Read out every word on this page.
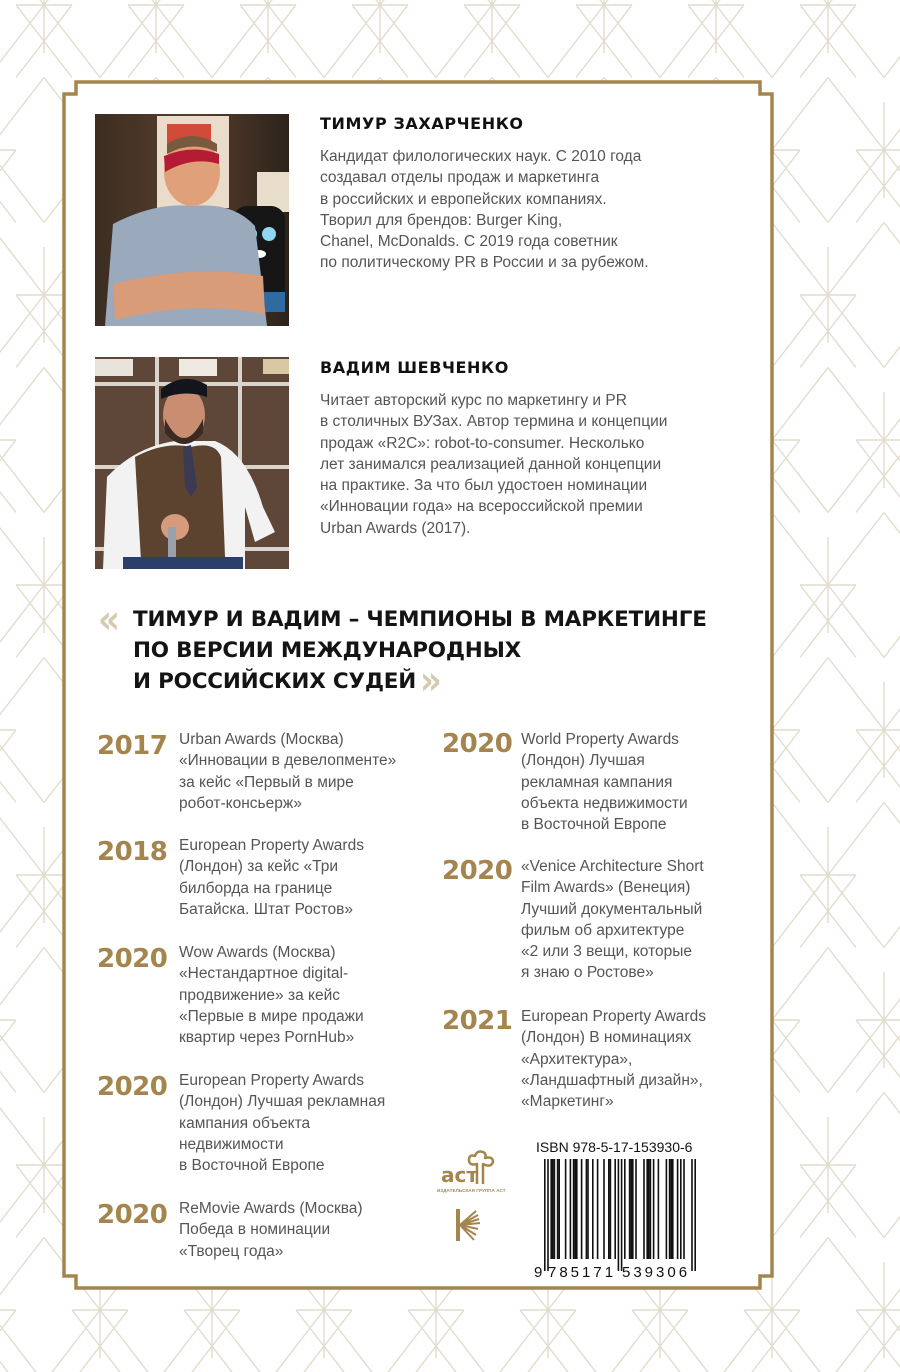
ТИМУР ЗАХАРЧЕНКО

Кандидат филологических наук. С 2010 года

создавал отделы продаж и маркетинга

в российских и европейских компаниях.

Творил для брендов: Burger King,

Chanel, McDonalds. С 2019 года советник

по политическому PR в России и за рубежом.

ВАДИМ ШЕВЧЕНКО

Читает авторский курс по маркетингу и PR

в столичных ВУЗах. Автор термина и концепции

продаж «R2C»: robot-to-consumer. Несколько

лет занимался реализацией данной концепции

на практике. За что был удостоен номинации

«Инновации года» на всероссийской премии

Urban Awards (2017).

« ТИМУР И ВАДИМ – ЧЕМПИОНЫ В МАРКЕТИНГЕ
ПО ВЕРСИИ МЕЖДУНАРОДНЫХ
И РОССИЙСКИХ СУДЕЙ»
2017 Urban Awards (Москва)

«Инновации в девелопменте»

за кейс «Первый в мире

робот-консьерж»

2018 European Property Awards

(Лондон) за кейс «Три

билборда на границе

Батайска. Штат Ростов»

2020 Wow Awards (Москва)

«Нестандартное digital-

продвижение» за кейс

«Первые в мире продажи

квартир через PornHub»

2020 European Property Awards

(Лондон) Лучшая рекламная

кампания объекта

недвижимости

в Восточной Европе

2020 ReMovie Awards (Москва)

Победа в номинации

«Творец года»

2020 World Property Awards

(Лондон) Лучшая

рекламная кампания

объекта недвижимости

в Восточной Европе

2020 «Venice Architecture Short

Film Awards» (Венеция)

Лучший документальный

фильм об архитектуре

«2 или 3 вещи, которые

я знаю о Ростове»

2021 European Property Awards

(Лондон) В номинациях

«Архитектура»,

«Ландшафтный дизайн»,

«Маркетинг»

аст
ИЗДАТЕЛЬСКАЯ ГРУППА АСТ
ISBN 978-5-17-153930-6
9 785171 539306
